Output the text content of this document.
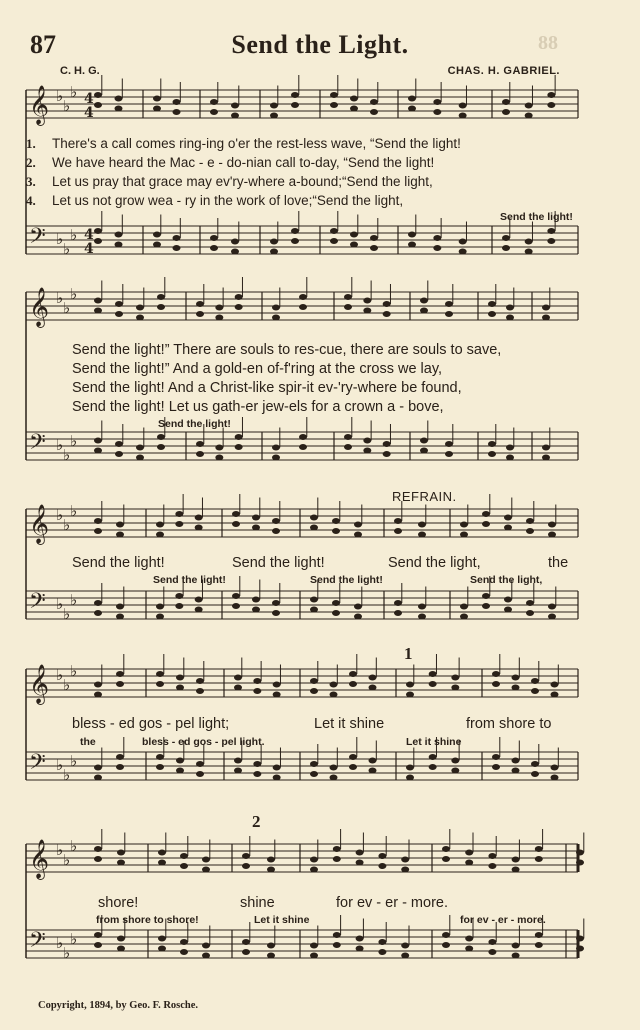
87	Send the Light.	88
C. H. G.	CHAS. H. GABRIEL.
𝄞 ♭
♭
♭
𝄢 ♭
♭
♭
𝄞 ♭
♭
♭
𝄢 ♭
♭
♭
𝄞 ♭
♭
♭
𝄢 ♭
♭
♭
𝄞 ♭
♭
♭
𝄢 ♭
♭
♭
𝄞 ♭
♭
♭
𝄢 ♭
♭
♭
4
4
4
4
1. There's a call comes ring-ing o'er the rest-less wave, “Send the light!
2. We have heard the Mac - e - do-nian call to-day, “Send the light!
3. Let us pray that grace may ev'ry-where a-bound;“Send the light,
4. Let us not grow wea - ry in the work of love;“Send the light,
Send the light!
Send the light!” There are souls to res-cue, there are souls to save,
Send the light!” And a gold-en of-f'ring at the cross we lay,
Send the light! And a Christ-like spir-it ev-'ry-where be found,
Send the light! Let us gath-er jew-els for a crown a - bove,
Send the light!
REFRAIN.
Send the light!	Send the light!	Send the light,	the
Send the light!	Send the light!	Send the light,
1
bless - ed gos - pel light;	Let it shine	from shore to
the	bless - ed gos - pel light.	Let it shine
2
shore!	shine	for ev - er - more.
from shore to shore!	Let it shine	for ev - er - more.
Copyright, 1894, by Geo. F. Rosche.
